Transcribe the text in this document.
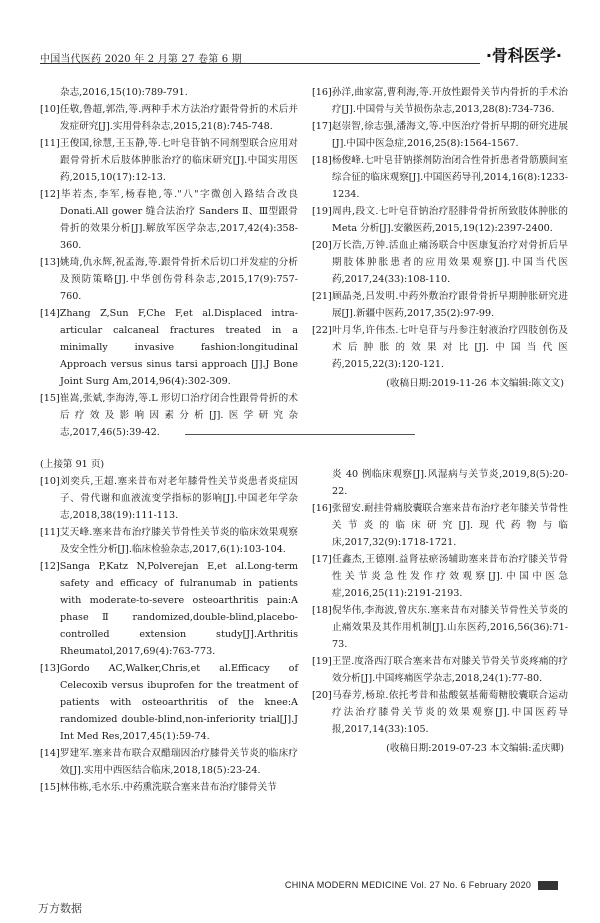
中国当代医药 2020 年 2 月第 27 卷第 6 期	·骨科医学·

杂志,2016,15(10):789-791.

[10]任敬,鲁超,郭浩,等.两种手术方法治疗跟骨骨折的术后并发症研究[J].实用骨科杂志,2015,21(8):745-748.

[11]王俊国,徐慧,王玉静,等.七叶皂苷钠不同剂型联合应用对跟骨骨折术后肢体肿胀治疗的临床研究[J].中国实用医药,2015,10(17):12-13.

[12]毕若杰,李军,杨春艳,等."八"字微创入路结合改良Donati.All gower 缝合法治疗 Sanders Ⅱ、Ⅲ型跟骨骨折的效果分析[J].解放军医学杂志,2017,42(4):358-360.

[13]姚琦,仇永辉,祝孟海,等.跟骨骨折术后切口并发症的分析及预防策略[J].中华创伤骨科杂志,2015,17(9):757-760.

[14]Zhang Z,Sun F,Che F,et al.Displaced intra-articular calcaneal fractures treated in a minimally invasive fashion:longitudinal Approach versus sinus tarsi approach [J].J Bone Joint Surg Am,2014,96(4):302-309.

[15]崔嵩,张斌,李海涛,等.L 形切口治疗闭合性跟骨骨折的术后疗效及影响因素分析[J].医学研究杂志,2017,46(5):39-42.

[16]孙洋,曲家富,曹利海,等.开放性跟骨关节内骨折的手术治疗[J].中国骨与关节损伤杂志,2013,28(8):734-736.

[17]赵崇智,徐志强,潘海文,等.中医治疗骨折早期的研究进展[J].中国中医急症,2016,25(8):1564-1567.

[18]杨俊峰.七叶皂苷钠搽剂防治闭合性骨折患者骨筋膜间室综合征的临床观察[J].中国医药导刊,2014,16(8):1233-1234.

[19]周冉,段文.七叶皂苷钠治疗胫腓骨骨折所致肢体肿胀的 Meta 分析[J].安徽医药,2015,19(12):2397-2400.

[20]万长浩,万钟.活血止痛汤联合中医康复治疗对骨折后早期肢体肿胀患者的应用效果观察[J].中国当代医药,2017,24(33):108-110.

[21]顾晶尧,吕发明.中药外敷治疗跟骨骨折早期肿胀研究进展[J].新疆中医药,2017,35(2):97-99.

[22]叶月华,许伟杰.七叶皂苷与丹参注射液治疗四肢创伤及术后肿胀的效果对比[J].中国当代医药,2015,22(3):120-121.

(收稿日期:2019-11-26 本文编辑:陈文文)
(上接第 91 页)

[10]刘奕兵,王超.塞来昔布对老年膝骨性关节炎患者炎症因子、骨代谢和血液流变学指标的影响[J].中国老年学杂志,2018,38(19):111-113.

[11]艾天峰.塞来昔布治疗膝关节骨性关节炎的临床效果观察及安全性分析[J].临床检验杂志,2017,6(1):103-104.

[12]Sanga P,Katz N,Polverejan E,et al.Long-term safety and efficacy of fulranumab in patients with moderate-to-severe osteoarthritis pain:A phase Ⅱ randomized,double-blind,placebo-controlled extension study[J].Arthritis Rheumatol,2017,69(4):763-773.

[13]Gordo AC,Walker,Chris,et al.Efficacy of Celecoxib versus ibuprofen for the treatment of patients with osteoarthritis of the knee:A randomized double-blind,non-inferiority trial[J].J Int Med Res,2017,45(1):59-74.

[14]罗建军.塞来昔布联合双醋瑞因治疗膝骨关节炎的临床疗效[J].实用中西医结合临床,2018,18(5):23-24.

[15]林伟栋,毛水乐.中药熏洗联合塞来昔布治疗膝骨关节

炎 40 例临床观察[J].风湿病与关节炎,2019,8(5):20-22.

[16]张留安.耐挂骨痛胶囊联合塞来昔布治疗老年膝关节骨性关节炎的临床研究[J].现代药物与临床,2017,32(9):1718-1721.

[17]任鑫杰,王德刚.益肾祛瘀汤辅助塞来昔布治疗膝关节骨性关节炎急性发作疗效观察[J].中国中医急症,2016,25(11):2191-2193.

[18]倪华伟,李海波,曾庆东.塞来昔布对膝关节骨性关节炎的止痛效果及其作用机制[J].山东医药,2016,56(36):71-73.

[19]王罡.度洛西汀联合塞来昔布对膝关节骨关节炎疼痛的疗效分析[J].中国疼痛医学杂志,2018,24(1):77-80.

[20]马春芳,杨琼.依托考昔和盐酸氨基葡萄糖胶囊联合运动疗法治疗膝骨关节炎的效果观察[J].中国医药导报,2017,14(33):105.

(收稿日期:2019-07-23 本文编辑:孟庆卿)
CHINA MODERN MEDICINE Vol. 27 No. 6 February 2020
万方数据
